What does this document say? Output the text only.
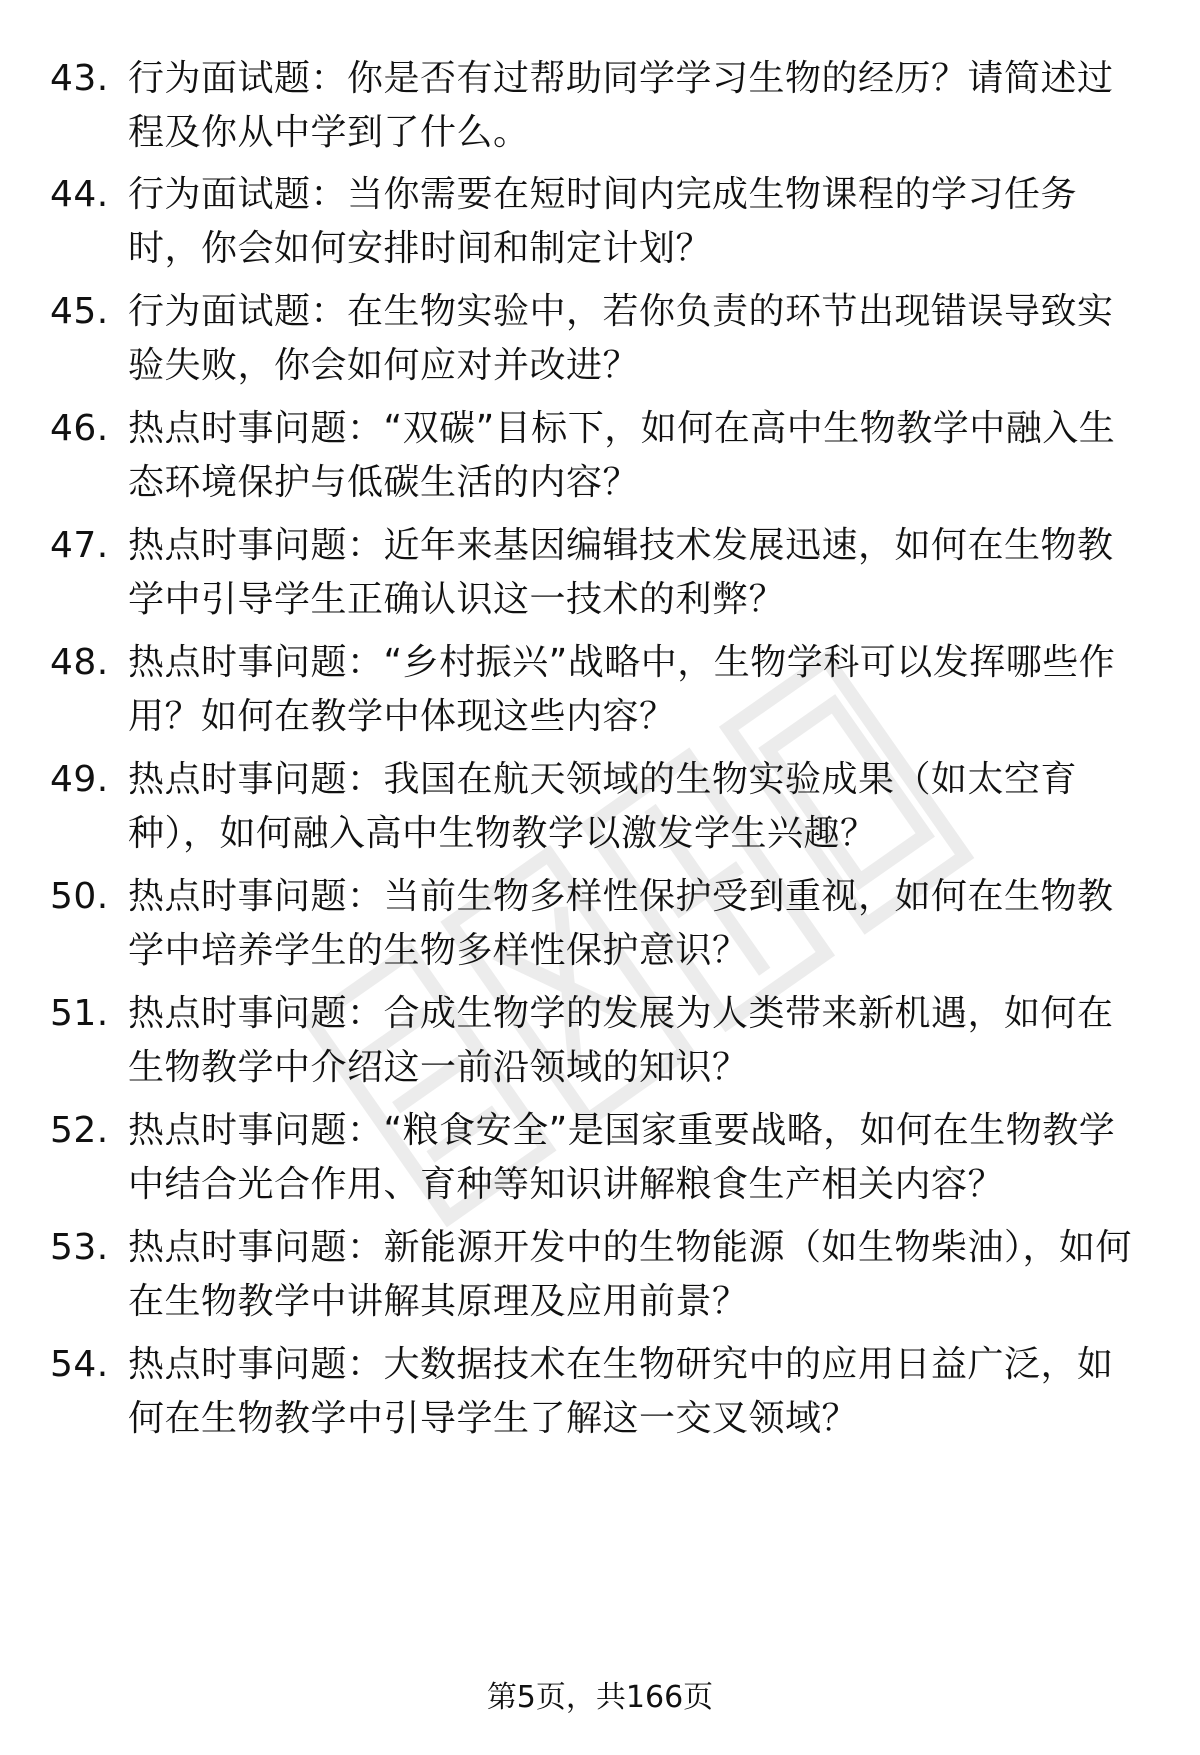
43. 行为面试题：你是否有过帮助同学学习生物的经历？请简述过程及你从中学到了什么。
44. 行为面试题：当你需要在短时间内完成生物课程的学习任务时，你会如何安排时间和制定计划？
45. 行为面试题：在生物实验中，若你负责的环节出现错误导致实验失败，你会如何应对并改进？
46. 热点时事问题：“双碳”目标下，如何在高中生物教学中融入生态环境保护与低碳生活的内容？
47. 热点时事问题：近年来基因编辑技术发展迅速，如何在生物教学中引导学生正确认识这一技术的利弊？
48. 热点时事问题：“乡村振兴”战略中，生物学科可以发挥哪些作用？如何在教学中体现这些内容？
49. 热点时事问题：我国在航天领域的生物实验成果（如太空育种），如何融入高中生物教学以激发学生兴趣？
50. 热点时事问题：当前生物多样性保护受到重视，如何在生物教学中培养学生的生物多样性保护意识？
51. 热点时事问题：合成生物学的发展为人类带来新机遇，如何在生物教学中介绍这一前沿领域的知识？
52. 热点时事问题：“粮食安全”是国家重要战略，如何在生物教学中结合光合作用、育种等知识讲解粮食生产相关内容？
53. 热点时事问题：新能源开发中的生物能源（如生物柴油），如何在生物教学中讲解其原理及应用前景？
54. 热点时事问题：大数据技术在生物研究中的应用日益广泛，如何在生物教学中引导学生了解这一交叉领域？
第5页，共166页
